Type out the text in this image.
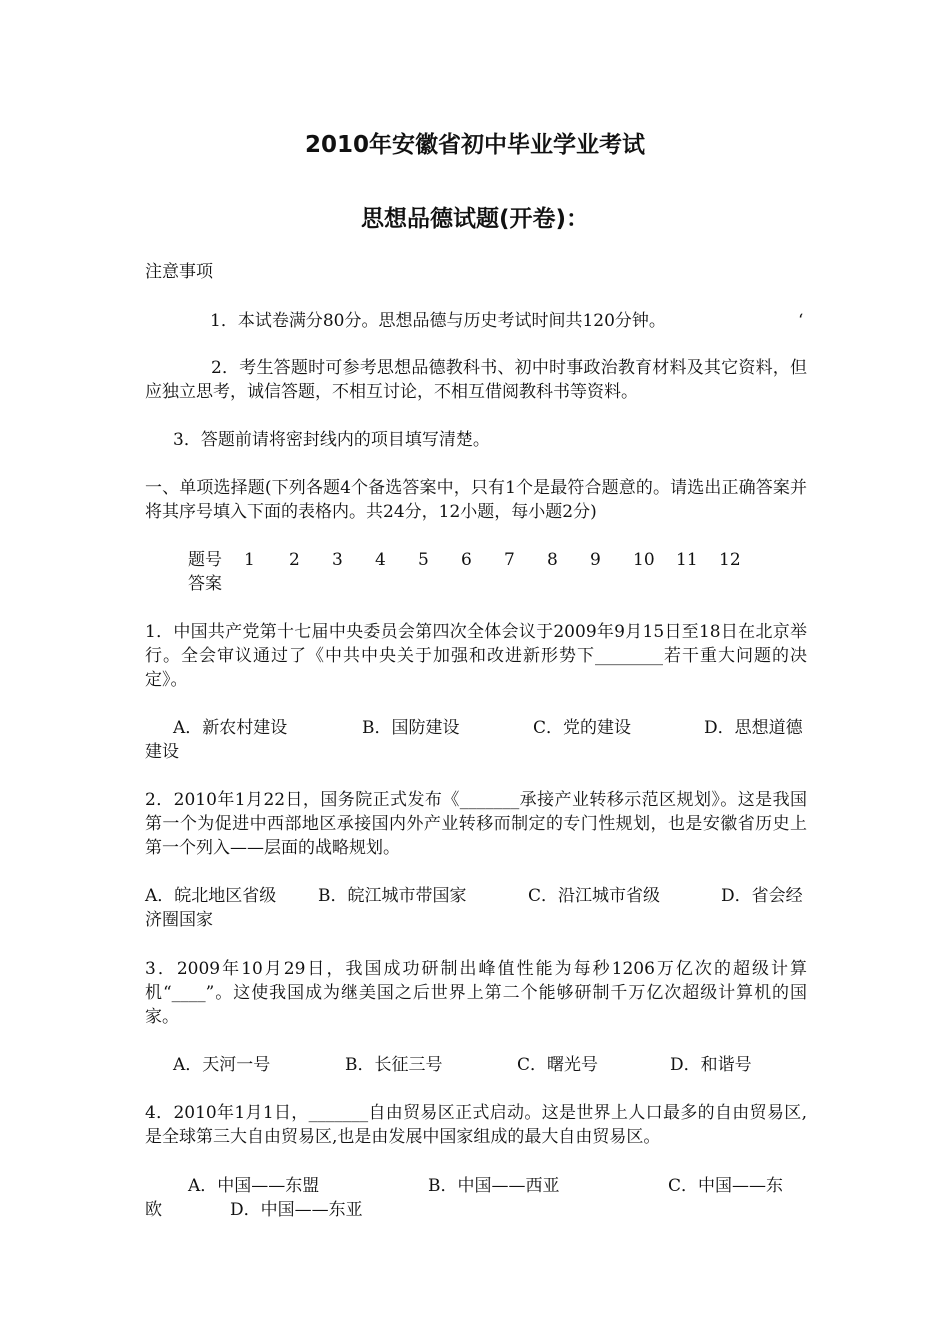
2010年安徽省初中毕业学业考试
思想品德试题(开卷)：
注意事项
1．本试卷满分80分。思想品德与历史考试时间共120分钟。	‘
2．考生答题时可参考思想品德教科书、初中时事政治教育材料及其它资料，但应独立思考，诚信答题，不相互讨论，不相互借阅教科书等资料。
3．答题前请将密封线内的项目填写清楚。
一、单项选择题(下列各题4个备选答案中，只有1个是最符合题意的。请选出正确答案并将其序号填入下面的表格内。共24分，12小题，每小题2分)
题号 1 2 3 4 5 6 7 8 9 10 11 12
答案
1．中国共产党第十七届中央委员会第四次全体会议于2009年9月15日至18日在北京举行。全会审议通过了《中共中央关于加强和改进新形势下________若干重大问题的决定》。
A．新农村建设	B．国防建设	C．党的建设	D．思想道德
建设
2．2010年1月22日，国务院正式发布《_______承接产业转移示范区规划》。这是我国第一个为促进中西部地区承接国内外产业转移而制定的专门性规划，也是安徽省历史上第一个列入——层面的战略规划。
A．皖北地区省级 B．皖江城市带国家	C．沿江城市省级	D．省会经
济圈国家
3．2009年10月29日，我国成功研制出峰值性能为每秒1206万亿次的超级计算机“____”。这使我国成为继美国之后世界上第二个能够研制千万亿次超级计算机的国家。
A．天河一号	B．长征三号	C．曙光号	D．和谐号
4．2010年1月1日，_______自由贸易区正式启动。这是世界上人口最多的自由贸易区,是全球第三大自由贸易区,也是由发展中国家组成的最大自由贸易区。
A．中国——东盟	B．中国——西亚	C．中国——东
欧	D．中国——东亚
